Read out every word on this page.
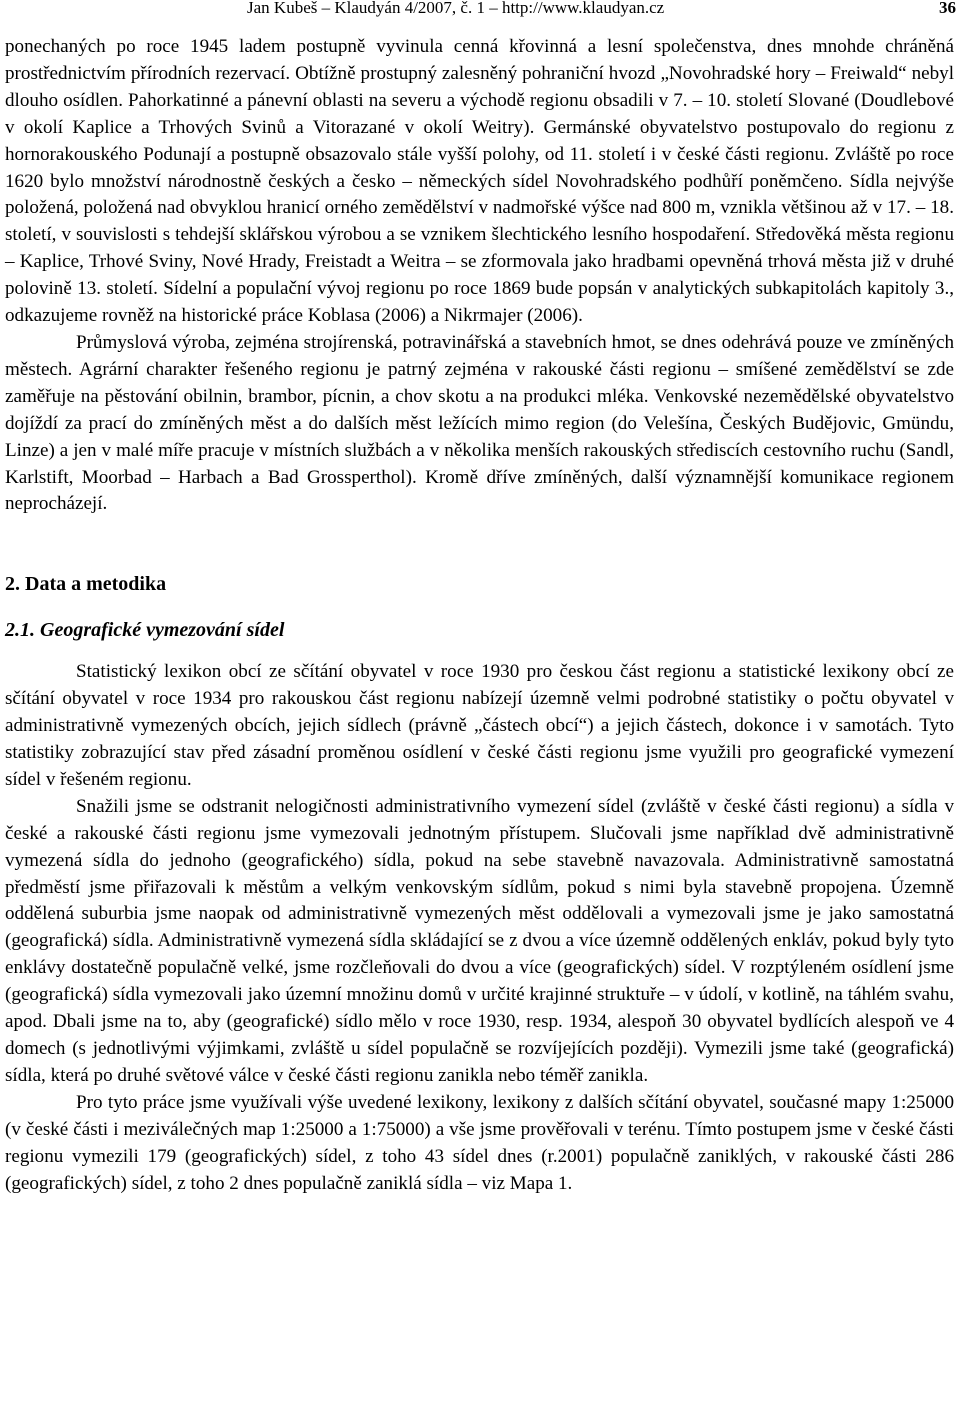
Jan Kubeš – Klaudyán 4/2007, č. 1 – http://www.klaudyan.cz	36

ponechaných po roce 1945 ladem postupně vyvinula cenná křovinná a lesní společenstva, dnes mnohde chráněná prostřednictvím přírodních rezervací. Obtížně prostupný zalesněný pohraniční hvozd „Novohradské hory – Freiwald“ nebyl dlouho osídlen. Pahorkatinné a pánevní oblasti na severu a východě regionu obsadili v 7. – 10. století Slované (Doudlebové v okolí Kaplice a Trhových Svinů a Vitorazané v okolí Weitry). Germánské obyvatelstvo postupovalo do regionu z hornorakouského Podunají a postupně obsazovalo stále vyšší polohy, od 11. století i v české části regionu. Zvláště po roce 1620 bylo množství národnostně českých a česko – německých sídel Novohradského podhůří poněmčeno. Sídla nejvýše položená, položená nad obvyklou hranicí orného zemědělství v nadmořské výšce nad 800 m, vznikla většinou až v 17. – 18. století, v souvislosti s tehdejší sklářskou výrobou a se vznikem šlechtického lesního hospodaření. Středověká města regionu – Kaplice, Trhové Sviny, Nové Hrady, Freistadt a Weitra – se zformovala jako hradbami opevněná trhová města již v druhé polovině 13. století. Sídelní a populační vývoj regionu po roce 1869 bude popsán v analytických subkapitolách kapitoly 3., odkazujeme rovněž na historické práce Koblasa (2006) a Nikrmajer (2006).

Průmyslová výroba, zejména strojírenská, potravinářská a stavebních hmot, se dnes odehrává pouze ve zmíněných městech. Agrární charakter řešeného regionu je patrný zejména v rakouské části regionu – smíšené zemědělství se zde zaměřuje na pěstování obilnin, brambor, pícnin, a chov skotu a na produkci mléka. Venkovské nezemědělské obyvatelstvo dojíždí za prací do zmíněných měst a do dalších měst ležících mimo region (do Velešína, Českých Budějovic, Gmündu, Linze) a jen v malé míře pracuje v místních službách a v několika menších rakouských střediscích cestovního ruchu (Sandl, Karlstift, Moorbad – Harbach a Bad Grossperthol). Kromě dříve zmíněných, další významnější komunikace regionem neprocházejí.

2. Data a metodika
2.1. Geografické vymezování sídel

Statistický lexikon obcí ze sčítání obyvatel v roce 1930 pro českou část regionu a statistické lexikony obcí ze sčítání obyvatel v roce 1934 pro rakouskou část regionu nabízejí územně velmi podrobné statistiky o počtu obyvatel v administrativně vymezených obcích, jejich sídlech (právně „částech obcí“) a jejich částech, dokonce i v samotách. Tyto statistiky zobrazující stav před zásadní proměnou osídlení v české části regionu jsme využili pro geografické vymezení sídel v řešeném regionu.

Snažili jsme se odstranit nelogičnosti administrativního vymezení sídel (zvláště v české části regionu) a sídla v české a rakouské části regionu jsme vymezovali jednotným přístupem. Slučovali jsme například dvě administrativně vymezená sídla do jednoho (geografického) sídla, pokud na sebe stavebně navazovala. Administrativně samostatná předměstí jsme přiřazovali k městům a velkým venkovským sídlům, pokud s nimi byla stavebně propojena. Územně oddělená suburbia jsme naopak od administrativně vymezených měst oddělovali a vymezovali jsme je jako samostatná (geografická) sídla. Administrativně vymezená sídla skládající se z dvou a více územně oddělených enkláv, pokud byly tyto enklávy dostatečně populačně velké, jsme rozčleňovali do dvou a více (geografických) sídel. V rozptýleném osídlení jsme (geografická) sídla vymezovali jako územní množinu domů v určité krajinné struktuře – v údolí, v kotlině, na táhlém svahu, apod. Dbali jsme na to, aby (geografické) sídlo mělo v roce 1930, resp. 1934, alespoň 30 obyvatel bydlících alespoň ve 4 domech (s jednotlivými výjimkami, zvláště u sídel populačně se rozvíjejících později). Vymezili jsme také (geografická) sídla, která po druhé světové válce v české části regionu zanikla nebo téměř zanikla.

Pro tyto práce jsme využívali výše uvedené lexikony, lexikony z dalších sčítání obyvatel, současné mapy 1:25000 (v české části i meziválečných map 1:25000 a 1:75000) a vše jsme prověřovali v terénu. Tímto postupem jsme v české části regionu vymezili 179 (geografických) sídel, z toho 43 sídel dnes (r.2001) populačně zaniklých, v rakouské části 286 (geografických) sídel, z toho 2 dnes populačně zaniklá sídla – viz Mapa 1.
